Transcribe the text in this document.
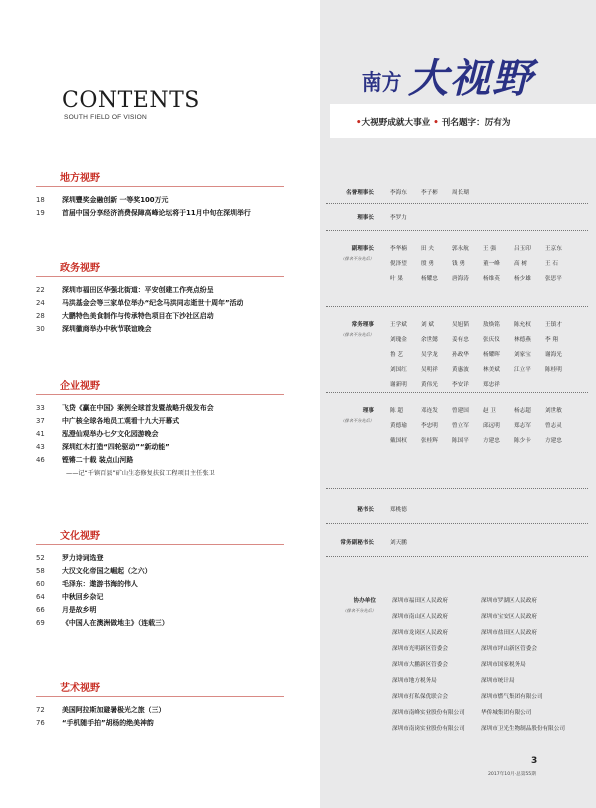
CONTENTS
SOUTH FIELD OF VISION
地方视野
18	深圳豐奖金融创新 一等奖100万元
19	首届中国分享经济消费保障高峰论坛将于11月中旬在深圳举行
政务视野
22	深圳市福田区华强北街道：平安创建工作亮点纷呈
24	马洪基金会等三家单位举办“纪念马洪同志逝世十周年”活动
28	大鹏特色美食制作与传承特色项目在下沙社区启动
30	深圳徽商举办中秋节联谊晚会
企业视野
33	飞贷《赢在中国》案例全球首发暨战略升级发布会
37	中广核全球各地员工观看十九大开幕式
41	泓澄仙观举办七夕文化园游晚会
43	深圳红木打造“四轮驱动”“新动能”
46	铿锵二十载 装点山河路
——记“千镇百县”矿山生态修复扶贫工程项目主任张卫
文化视野
52	罗力诗词选登
58	大汉文化帝国之崛起（之六）
60	毛泽东：遨游书海的伟人
64	中秋回乡杂记
66	月是故乡明
69	《中国人在澳洲做地主》（连载三）
艺术视野
72	美国阿拉斯加避暑极光之旅（三）
76	“手机随手拍”胡杨的绝美神韵
南方 大视野
•大视野成就大事业 • 刊名题字：厉有为
名誉理事长	李海东	李子彬	周长瑚
理事长	李罗力
副理事长
（排名不分先后）
李华楠	田 夫	郭永航	王 强	吕玉印	王京东
倪泽望	殷 勇	钱 勇	董一峰	高 树	王 石
叶 果	杨耀忠	唐海涛	杨维英	杨少雄	张思平
常务理事
（排名不分先后）
王学斌	刘 斌	吴旭韬	敖焕铭	陈允权	王镇才
刘瑰金	余世懿	姜有忠	张庆仪	林德燕	李 翔
鲁 艺	吴学龙	孙政华	杨耀晖	刘家宝	谢海光
刘国红	吴明祥	黄惠波	林美斌	江立平	陈桂明
谢新明	黄伟光	李安详	郑忠祥
理事
（排名不分先后）
陈 超	邓连发	曾建国	赵 卫	杨志超	刘世敏
黄德瑜	李忠明	曾立军	邱远明	郑志军	曾志灵
戴国权	张桂辉	陈国平	方建忠	陈少卡	方建忠
秘书长	郑桃德
常务副秘书长	刘天鹏
协办单位
（排名不分先后）
深圳市福田区人民政府	深圳市罗湖区人民政府
深圳市南山区人民政府	深圳市宝安区人民政府
深圳市龙岗区人民政府	深圳市盐田区人民政府
深圳市光明新区管委会	深圳市坪山新区管委会
深圳市大鹏新区管委会	深圳市国家税务局
深圳市地方税务局	深圳市统计局
深圳市打私保优联合会	深圳市燃气集团有限公司
深圳市南峰实业股份有限公司	华侨城集团有限公司
深圳市南岗实业股份有限公司	深圳市卫光生物制品股份有限公司
3
2017年10月·总第55期
